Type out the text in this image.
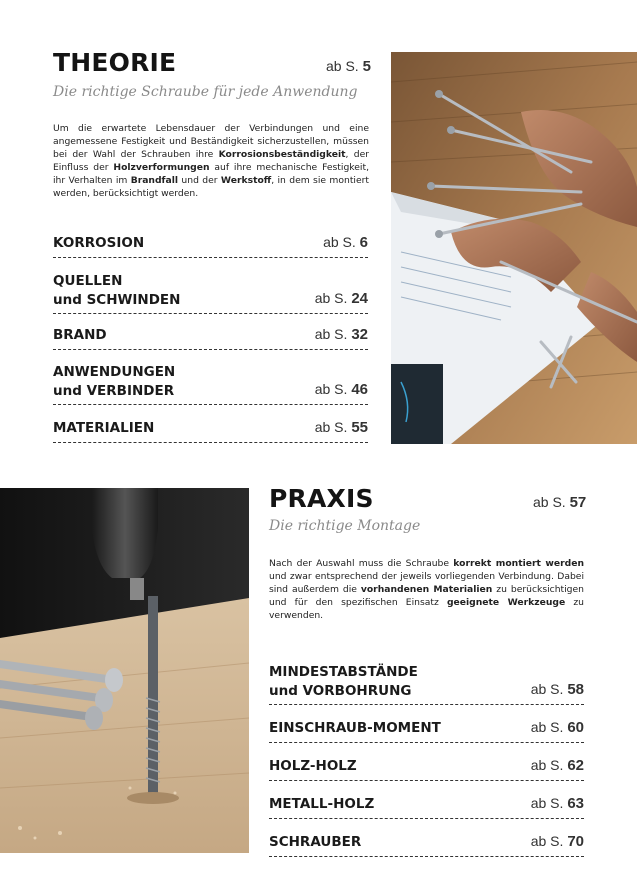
THEORIE	ab S. 5
Die richtige Schraube für jede Anwendung
Um die erwartete Lebensdauer der Verbindungen und eine angemessene Festigkeit und Beständigkeit sicherzustellen, müssen bei der Wahl der Schrauben ihre Korrosionsbeständigkeit, der Einfluss der Holzverformungen auf ihre mechanische Festigkeit, ihr Verhalten im Brandfall und der Werkstoff, in dem sie montiert werden, berücksichtigt werden.
KORROSION	ab S. 6
QUELLEN
und SCHWINDEN	ab S. 24
BRAND	ab S. 32
ANWENDUNGEN
und VERBINDER	ab S. 46
MATERIALIEN	ab S. 55
PRAXIS	ab S. 57
Die richtige Montage
Nach der Auswahl muss die Schraube korrekt montiert werden und zwar entsprechend der jeweils vorliegenden Verbindung. Dabei sind außerdem die vorhandenen Materialien zu berücksichtigen und für den spezifischen Einsatz geeignete Werkzeuge zu verwenden.
MINDESTABSTÄNDE
und VORBOHRUNG	ab S. 58
EINSCHRAUB-MOMENT	ab S. 60
HOLZ-HOLZ	ab S. 62
METALL-HOLZ	ab S. 63
SCHRAUBER	ab S. 70
